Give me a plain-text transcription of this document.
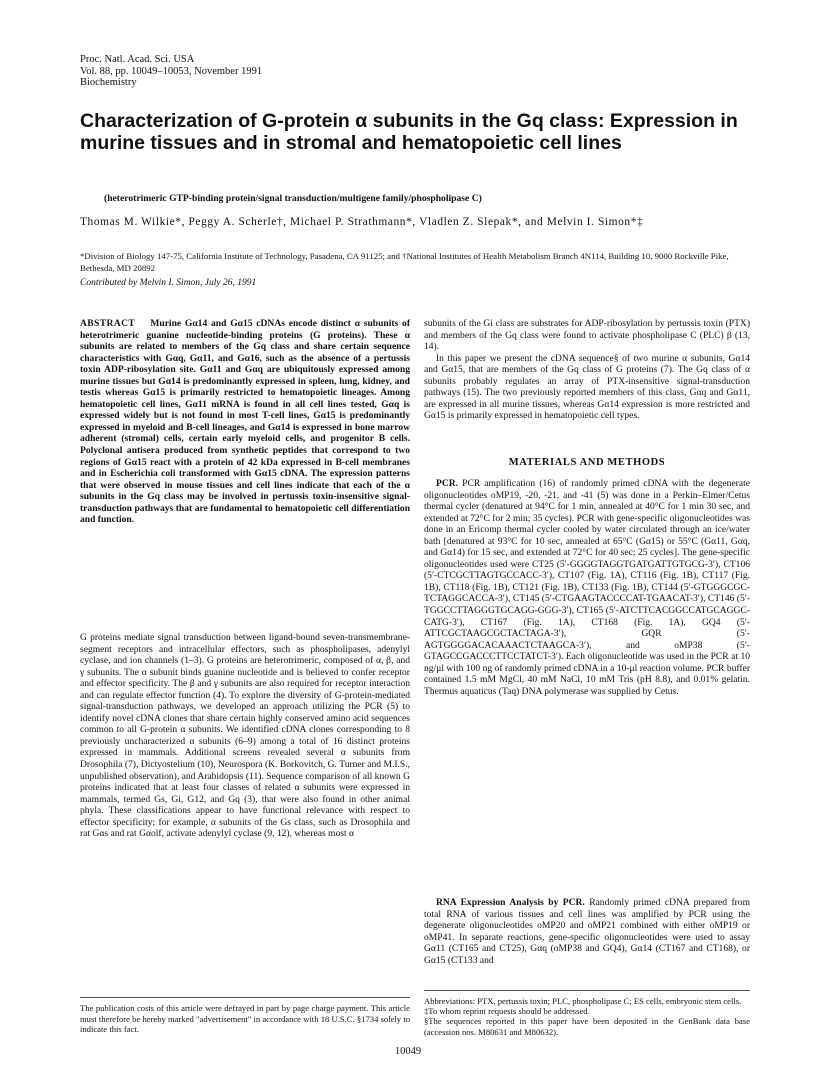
Proc. Natl. Acad. Sci. USA
Vol. 88, pp. 10049–10053, November 1991
Biochemistry
Characterization of G-protein α subunits in the Gq class: Expression in murine tissues and in stromal and hematopoietic cell lines
(heterotrimeric GTP-binding protein/signal transduction/multigene family/phospholipase C)
Thomas M. Wilkie*, Peggy A. Scherle†, Michael P. Strathmann*, Vladlen Z. Slepak*, and Melvin I. Simon*‡
*Division of Biology 147-75, California Institute of Technology, Pasadena, CA 91125; and †National Institutes of Health Metabolism Branch 4N114, Building 10, 9000 Rockville Pike, Bethesda, MD 20892
Contributed by Melvin I. Simon, July 26, 1991
ABSTRACT Murine Gα14 and Gα15 cDNAs encode distinct α subunits of heterotrimeric guanine nucleotide-binding proteins (G proteins). These α subunits are related to members of the Gq class and share certain sequence characteristics with Gαq, Gα11, and Gα16, such as the absence of a pertussis toxin ADP-ribosylation site. Gα11 and Gαq are ubiquitously expressed among murine tissues but Gα14 is predominantly expressed in spleen, lung, kidney, and testis whereas Gα15 is primarily restricted to hematopoietic lineages. Among hematopoietic cell lines, Gα11 mRNA is found in all cell lines tested, Gαq is expressed widely but is not found in most T-cell lines, Gα15 is predominantly expressed in myeloid and B-cell lineages, and Gα14 is expressed in bone marrow adherent (stromal) cells, certain early myeloid cells, and progenitor B cells. Polyclonal antisera produced from synthetic peptides that correspond to two regions of Gα15 react with a protein of 42 kDa expressed in B-cell membranes and in Escherichia coli transformed with Gα15 cDNA. The expression patterns that were observed in mouse tissues and cell lines indicate that each of the α subunits in the Gq class may be involved in pertussis toxin-insensitive signal-transduction pathways that are fundamental to hematopoietic cell differentiation and function.
G proteins mediate signal transduction between ligand-bound seven-transmembrane-segment receptors and intracellular effectors, such as phospholipases, adenylyl cyclase, and ion channels (1–3). G proteins are heterotrimeric, composed of α, β, and γ subunits. The α subunit binds guanine nucleotide and is believed to confer receptor and effector specificity. The β and γ subunits are also required for receptor interaction and can regulate effector function (4). To explore the diversity of G-protein-mediated signal-transduction pathways, we developed an approach utilizing the PCR (5) to identify novel cDNA clones that share certain highly conserved amino acid sequences common to all G-protein α subunits. We identified cDNA clones corresponding to 8 previously uncharacterized α subunits (6–9) among a total of 16 distinct proteins expressed in mammals. Additional screens revealed several α subunits from Drosophila (7), Dictyostelium (10), Neurospora (K. Borkovitch, G. Turner and M.I.S., unpublished observation), and Arabidopsis (11). Sequence comparison of all known G proteins indicated that at least four classes of related α subunits were expressed in mammals, termed Gs, Gi, G12, and Gq (3), that were also found in other animal phyla. These classifications appear to have functional relevance with respect to effector specificity; for example, α subunits of the Gs class, such as Drosophila and rat Gαs and rat Gαolf, activate adenylyl cyclase (9, 12), whereas most α
The publication costs of this article were defrayed in part by page charge payment. This article must therefore be hereby marked "advertisement" in accordance with 18 U.S.C. §1734 solely to indicate this fact.
subunits of the Gi class are substrates for ADP-ribosylation by pertussis toxin (PTX) and members of the Gq class were found to activate phospholipase C (PLC) β (13, 14).
In this paper we present the cDNA sequence§ of two murine α subunits, Gα14 and Gα15, that are members of the Gq class of G proteins (7). The Gq class of α subunits probably regulates an array of PTX-insensitive signal-transduction pathways (15). The two previously reported members of this class, Gαq and Gα11, are expressed in all murine tissues, whereas Gα14 expression is more restricted and Gα15 is primarily expressed in hematopoietic cell types.
MATERIALS AND METHODS
PCR. PCR amplification (16) of randomly primed cDNA with the degenerate oligonucleotides oMP19, -20, -21, and -41 (5) was done in a Perkin–Elmer/Cetus thermal cycler (denatured at 94°C for 1 min, annealed at 40°C for 1 min 30 sec, and extended at 72°C for 2 min; 35 cycles). PCR with gene-specific oligonucleotides was done in an Ericomp thermal cycler cooled by water circulated through an ice/water bath [denatured at 93°C for 10 sec, annealed at 65°C (Gα15) or 55°C (Gα11, Gαq, and Gα14) for 15 sec, and extended at 72°C for 40 sec; 25 cycles]. The gene-specific oligonucleotides used were CT25 (5′-GGGGTAGGTGATGATTGTGCG-3′), CT106 (5′-CTCGCTTAGTGCCACC-3′), CT107 (Fig. 1A), CT116 (Fig. 1B), CT117 (Fig. 1B), CT118 (Fig. 1B), CT121 (Fig. 1B), CT133 (Fig. 1B), CT144 (5′-GTGGGCGC-TCTAGGCACCA-3′), CT145 (5′-CTGAAGTACCCCAT-TGAACAT-3′), CT146 (5′-TGGCCTTAGGGTGCAGG-GGG-3′), CT165 (5′-ATCTTCACGGCCATGCAGGC-CATG-3′), CT167 (Fig. 1A), CT168 (Fig. 1A), GQ4 (5′-ATTCGCTAAGCGCTACTAGA-3′), GQR (5′-AGTGGGGACACAAACTCTAAGCA-3′), and oMP38 (5′-GTAGCCGACCCTTCCTATCT-3′). Each oligonucleotide was used in the PCR at 10 ng/μl with 100 ng of randomly primed cDNA in a 10-μl reaction volume. PCR buffer contained 1.5 mM MgCl, 40 mM NaCl, 10 mM Tris (pH 8.8), and 0.01% gelatin. Thermus aquaticus (Taq) DNA polymerase was supplied by Cetus.
RNA Expression Analysis by PCR. Randomly primed cDNA prepared from total RNA of various tissues and cell lines was amplified by PCR using the degenerate oligonucleotides oMP20 and oMP21 combined with either oMP19 or oMP41. In separate reactions, gene-specific oligonucleotides were used to assay Gα11 (CT165 and CT25), Gαq (oMP38 and GQ4), Gα14 (CT167 and CT168), or Gα15 (CT133 and
Abbreviations: PTX, pertussis toxin; PLC, phospholipase C; ES cells, embryonic stem cells.
‡To whom reprint requests should be addressed.
§The sequences reported in this paper have been deposited in the GenBank data base (accession nos. M80631 and M80632).
10049
